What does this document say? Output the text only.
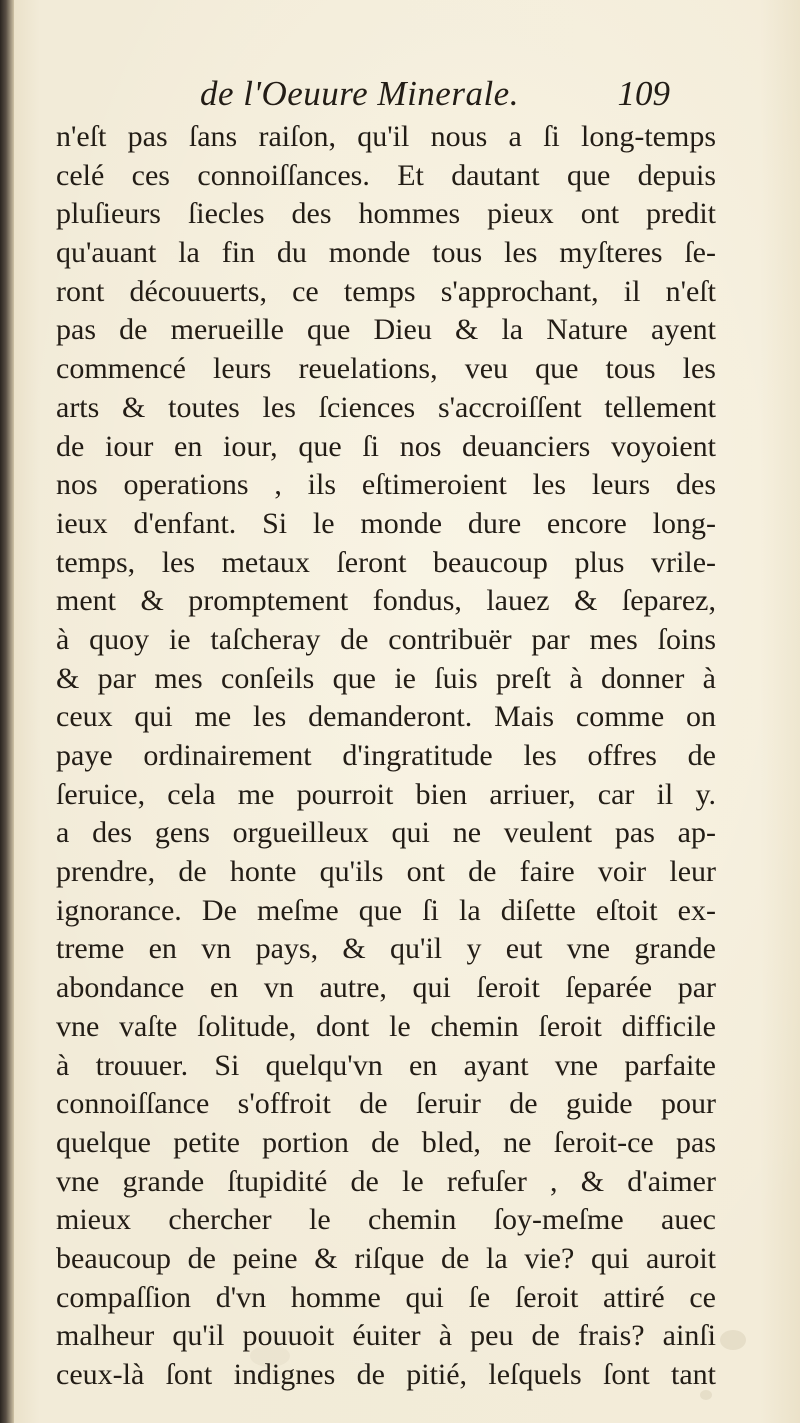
de l'Oeuure Minerale.	109
n'eſt pas ſans raiſon, qu'il nous a ſi long-temps
celé ces connoiſſances. Et dautant que depuis
pluſieurs ſiecles des hommes pieux ont predit
qu'auant la fin du monde tous les myſteres ſe-
ront découuerts, ce temps s'approchant, il n'eſt
pas de merueille que Dieu & la Nature ayent
commencé leurs reuelations, veu que tous les
arts & toutes les ſciences s'accroiſſent tellement
de iour en iour, que ſi nos deuanciers voyoient
nos operations , ils eſtimeroient les leurs des
ieux d'enfant. Si le monde dure encore long-
temps, les metaux ſeront beaucoup plus vrile-
ment & promptement fondus, lauez & ſeparez,
à quoy ie taſcheray de contribuër par mes ſoins
& par mes conſeils que ie ſuis preſt à donner à
ceux qui me les demanderont. Mais comme on
paye ordinairement d'ingratitude les offres de
ſeruice, cela me pourroit bien arriuer, car il y.
a des gens orgueilleux qui ne veulent pas ap-
prendre, de honte qu'ils ont de faire voir leur
ignorance. De meſme que ſi la diſette eſtoit ex-
treme en vn pays, & qu'il y eut vne grande
abondance en vn autre, qui ſeroit ſeparée par
vne vaſte ſolitude, dont le chemin ſeroit difficile
à trouuer. Si quelqu'vn en ayant vne parfaite
connoiſſance s'offroit de ſeruir de guide pour
quelque petite portion de bled, ne ſeroit-ce pas
vne grande ſtupidité de le refuſer , & d'aimer
mieux chercher le chemin ſoy-meſme auec
beaucoup de peine & riſque de la vie? qui auroit
compaſſion d'vn homme qui ſe ſeroit attiré ce
malheur qu'il pouuoit éuiter à peu de frais? ainſi
ceux-là ſont indignes de pitié, leſquels ſont tant
